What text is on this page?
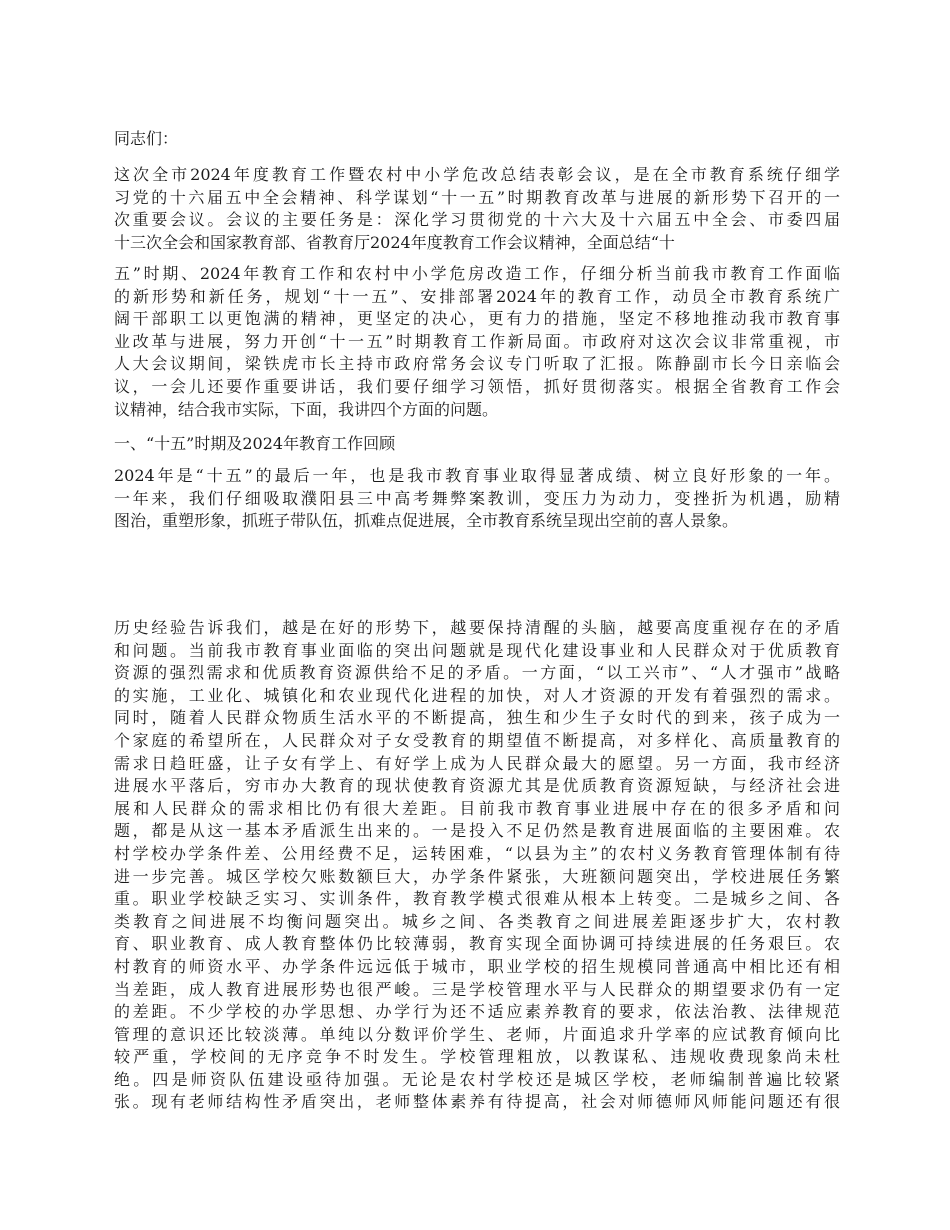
同志们：

这次全市2024年度教育工作暨农村中小学危改总结表彰会议，是在全市教育系统仔细学
习党的十六届五中全会精神、科学谋划“十一五”时期教育改革与进展的新形势下召开的一
次重要会议。会议的主要任务是：深化学习贯彻党的十六大及十六届五中全会、市委四届
十三次全会和国家教育部、省教育厅2024年度教育工作会议精神，全面总结“十

五”时期、2024年教育工作和农村中小学危房改造工作，仔细分析当前我市教育工作面临
的新形势和新任务，规划“十一五”、安排部署2024年的教育工作，动员全市教育系统广
阔干部职工以更饱满的精神，更坚定的决心，更有力的措施，坚定不移地推动我市教育事
业改革与进展，努力开创“十一五”时期教育工作新局面。市政府对这次会议非常重视，市
人大会议期间，梁铁虎市长主持市政府常务会议专门听取了汇报。陈静副市长今日亲临会
议，一会儿还要作重要讲话，我们要仔细学习领悟，抓好贯彻落实。根据全省教育工作会
议精神，结合我市实际，下面，我讲四个方面的问题。

一、“十五”时期及2024年教育工作回顾

2024年是“十五”的最后一年，也是我市教育事业取得显著成绩、树立良好形象的一年。
一年来，我们仔细吸取濮阳县三中高考舞弊案教训，变压力为动力，变挫折为机遇，励精
图治，重塑形象，抓班子带队伍，抓难点促进展，全市教育系统呈现出空前的喜人景象。

历史经验告诉我们，越是在好的形势下，越要保持清醒的头脑，越要高度重视存在的矛盾
和问题。当前我市教育事业面临的突出问题就是现代化建设事业和人民群众对于优质教育
资源的强烈需求和优质教育资源供给不足的矛盾。一方面，“以工兴市”、“人才强市”战略
的实施，工业化、城镇化和农业现代化进程的加快，对人才资源的开发有着强烈的需求。
同时，随着人民群众物质生活水平的不断提高，独生和少生子女时代的到来，孩子成为一
个家庭的希望所在，人民群众对子女受教育的期望值不断提高，对多样化、高质量教育的
需求日趋旺盛，让子女有学上、有好学上成为人民群众最大的愿望。另一方面，我市经济
进展水平落后，穷市办大教育的现状使教育资源尤其是优质教育资源短缺，与经济社会进
展和人民群众的需求相比仍有很大差距。目前我市教育事业进展中存在的很多矛盾和问
题，都是从这一基本矛盾派生出来的。一是投入不足仍然是教育进展面临的主要困难。农
村学校办学条件差、公用经费不足，运转困难，“以县为主”的农村义务教育管理体制有待
进一步完善。城区学校欠账数额巨大，办学条件紧张，大班额问题突出，学校进展任务繁
重。职业学校缺乏实习、实训条件，教育教学模式很难从根本上转变。二是城乡之间、各
类教育之间进展不均衡问题突出。城乡之间、各类教育之间进展差距逐步扩大，农村教
育、职业教育、成人教育整体仍比较薄弱，教育实现全面协调可持续进展的任务艰巨。农
村教育的师资水平、办学条件远远低于城市，职业学校的招生规模同普通高中相比还有相
当差距，成人教育进展形势也很严峻。三是学校管理水平与人民群众的期望要求仍有一定
的差距。不少学校的办学思想、办学行为还不适应素养教育的要求，依法治教、法律规范
管理的意识还比较淡薄。单纯以分数评价学生、老师，片面追求升学率的应试教育倾向比
较严重，学校间的无序竞争不时发生。学校管理粗放，以教谋私、违规收费现象尚未杜
绝。四是师资队伍建设亟待加强。无论是农村学校还是城区学校，老师编制普遍比较紧
张。现有老师结构性矛盾突出，老师整体素养有待提高，社会对师德师风师能问题还有很
